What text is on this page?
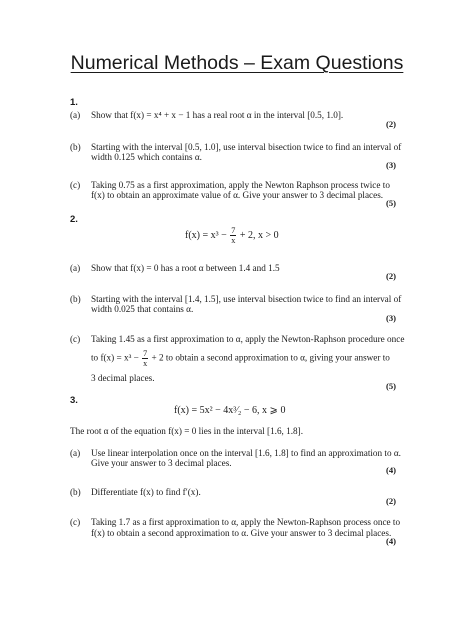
Numerical Methods – Exam Questions
1.
(a) Show that f(x) = x⁴ + x − 1 has a real root α in the interval [0.5, 1.0].
(2)
(b) Starting with the interval [0.5, 1.0], use interval bisection twice to find an interval of
width 0.125 which contains α.
(3)
(c) Taking 0.75 as a first approximation, apply the Newton Raphson process twice to
f(x) to obtain an approximate value of α. Give your answer to 3 decimal places.
(5)
2.
$f(x) = x^3 - \frac{7}{x} + 2$, x > 0
(a) Show that f(x) = 0 has a root α between 1.4 and 1.5
(2)
(b) Starting with the interval [1.4, 1.5], use interval bisection twice to find an interval of
width 0.025 that contains α.
(3)
(c) Taking 1.45 as a first approximation to α, apply the Newton-Raphson procedure once
to $f(x) = x^3 - \frac{7}{x} + 2$ to obtain a second approximation to α, giving your answer to
3 decimal places.
(5)
3.
f(x) = 5x² − 4x³⁄₂ − 6, x ⩾ 0
The root α of the equation f(x) = 0 lies in the interval [1.6, 1.8].
(a) Use linear interpolation once on the interval [1.6, 1.8] to find an approximation to α.
Give your answer to 3 decimal places.
(4)
(b) Differentiate f(x) to find f′(x).
(2)
(c) Taking 1.7 as a first approximation to α, apply the Newton-Raphson process once to
f(x) to obtain a second approximation to α. Give your answer to 3 decimal places.
(4)
